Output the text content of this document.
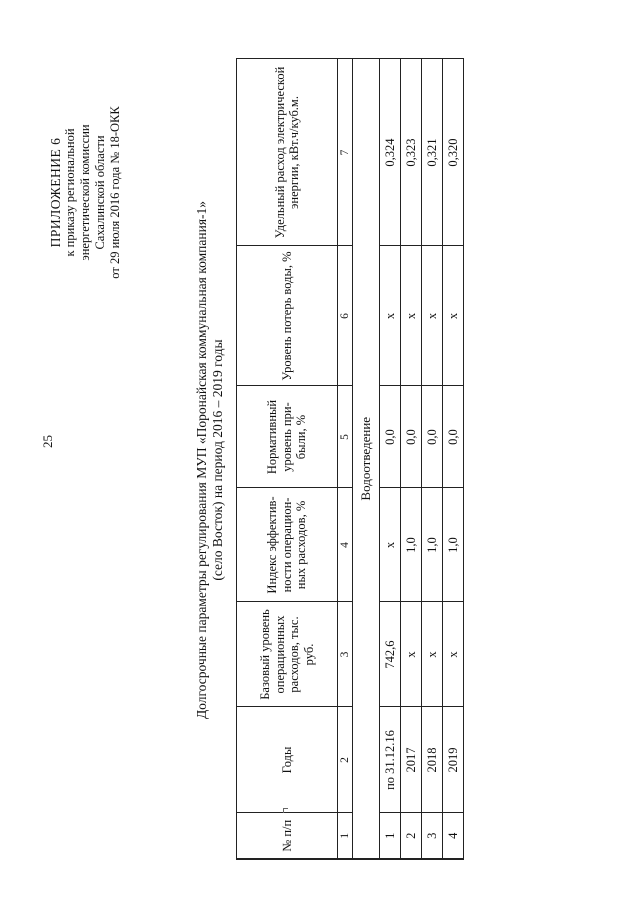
25
ПРИЛОЖЕНИЕ 6 к приказу региональной энергетической комиссии Сахалинской области от 29 июля 2016 года № 18-ОКК
Долгосрочные параметры регулирования МУП «Поронайская коммунальная компания-1» (село Восток) на период 2016 – 2019 годы
№ п/п	Годы	Базовый уровень операционных расходов, тыс. руб.	Индекс эффектив-ности операцион-ных расходов, %	Нормативный уровень при-были, %	Уровень потерь воды, %	Удельный расход электрической энергии, кВт.ч/куб.м.
1	2	3	4	5	6	7
Водоотведение						
1	по 31.12.16	742,6	х	0,0	х	0,324
2	2017	х	1,0	0,0	х	0,323
3	2018	х	1,0	0,0	х	0,321
4	2019	х	1,0	0,0	х	0,320
